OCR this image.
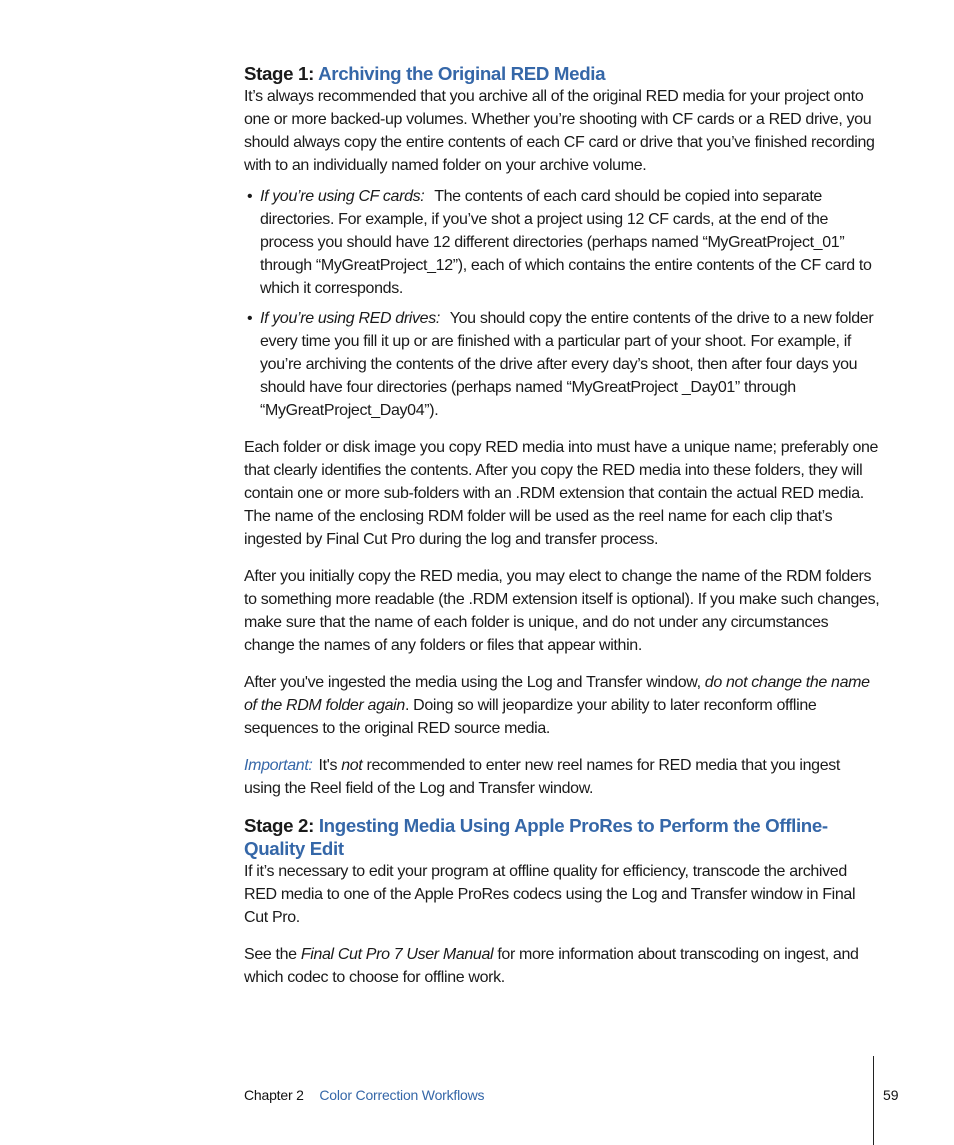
Stage 1: Archiving the Original RED Media

It’s always recommended that you archive all of the original RED media for your project onto one or more backed-up volumes. Whether you’re shooting with CF cards or a RED drive, you should always copy the entire contents of each CF card or drive that you’ve finished recording with to an individually named folder on your archive volume.

• If you’re using CF cards: The contents of each card should be copied into separate directories. For example, if you’ve shot a project using 12 CF cards, at the end of the process you should have 12 different directories (perhaps named “MyGreatProject_01” through “MyGreatProject_12”), each of which contains the entire contents of the CF card to which it corresponds.
• If you’re using RED drives: You should copy the entire contents of the drive to a new folder every time you fill it up or are finished with a particular part of your shoot. For example, if you’re archiving the contents of the drive after every day’s shoot, then after four days you should have four directories (perhaps named “MyGreatProject _Day01” through “MyGreatProject_Day04”).

Each folder or disk image you copy RED media into must have a unique name; preferably one that clearly identifies the contents. After you copy the RED media into these folders, they will contain one or more sub-folders with an .RDM extension that contain the actual RED media. The name of the enclosing RDM folder will be used as the reel name for each clip that’s ingested by Final Cut Pro during the log and transfer process.

After you initially copy the RED media, you may elect to change the name of the RDM folders to something more readable (the .RDM extension itself is optional). If you make such changes, make sure that the name of each folder is unique, and do not under any circumstances change the names of any folders or files that appear within.

After you've ingested the media using the Log and Transfer window, do not change the name of the RDM folder again. Doing so will jeopardize your ability to later reconform offline sequences to the original RED source media.

Important: It's not recommended to enter new reel names for RED media that you ingest using the Reel field of the Log and Transfer window.

Stage 2: Ingesting Media Using Apple ProRes to Perform the Offline-Quality Edit

If it’s necessary to edit your program at offline quality for efficiency, transcode the archived RED media to one of the Apple ProRes codecs using the Log and Transfer window in Final Cut Pro.

See the Final Cut Pro 7 User Manual for more information about transcoding on ingest, and which codec to choose for offline work.

Chapter 2 Color Correction Workflows	59
